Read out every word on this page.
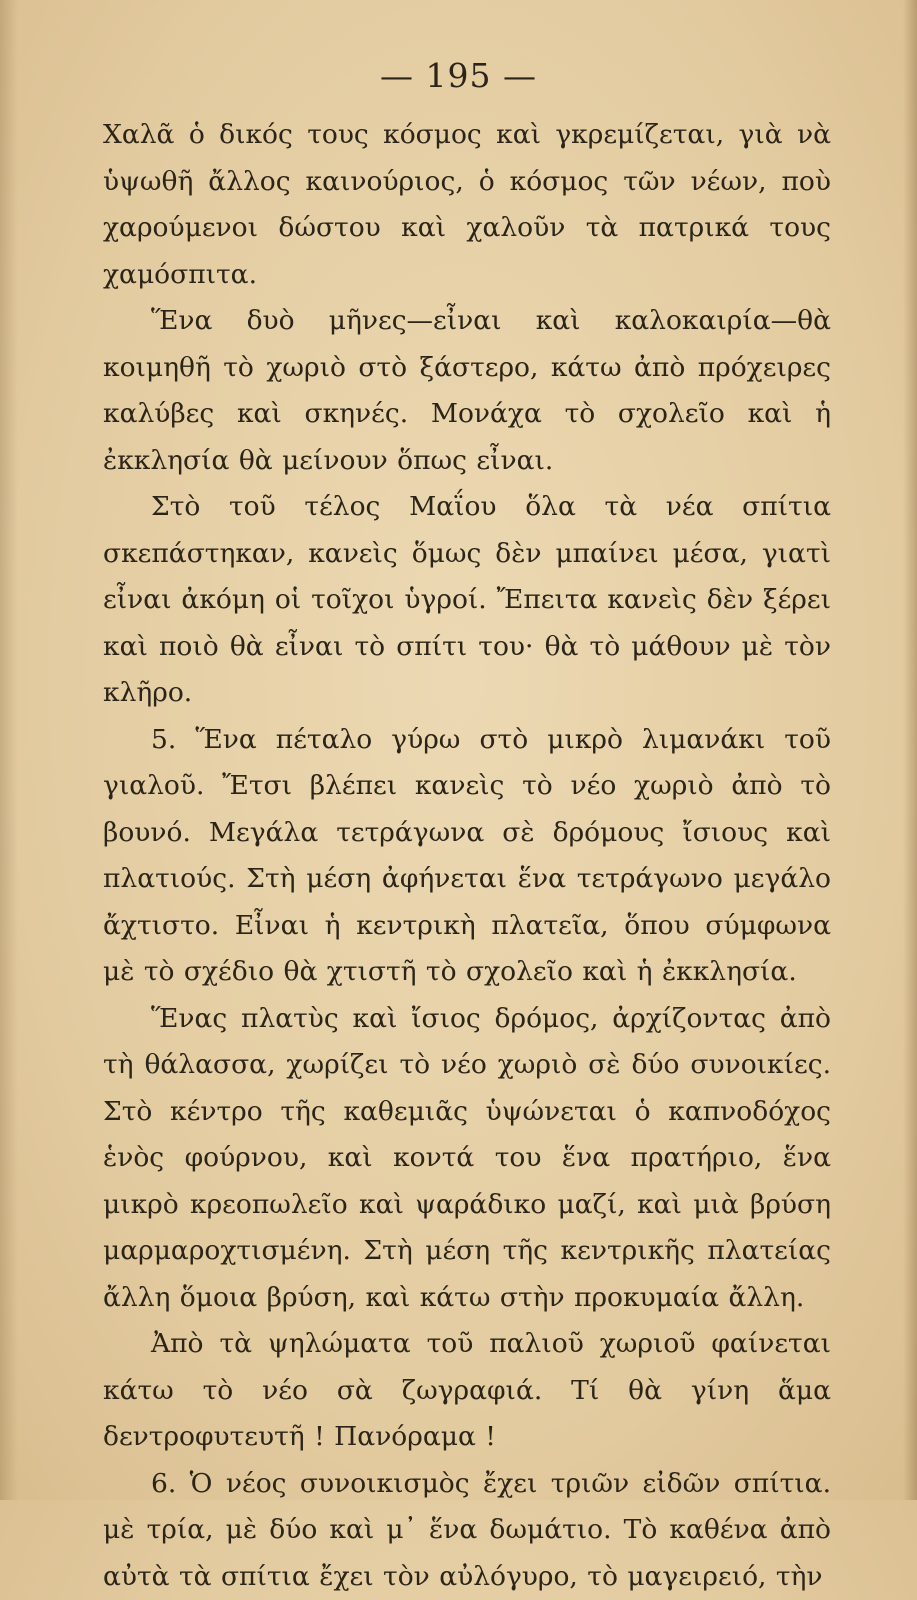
— 195 —

Χαλᾶ ὁ δικός τους κόσμος καὶ γκρεμίζεται, γιὰ νὰ ὑψωθῆ ἄλλος καινούριος, ὁ κόσμος τῶν νέων, ποὺ χαρούμενοι δώστου καὶ χαλοῦν τὰ πατρικά τους χαμόσπιτα.

Ἕνα δυὸ μῆνες—εἶναι καὶ καλοκαιρία—θὰ κοιμηθῆ τὸ χωριὸ στὸ ξάστερο, κάτω ἀπὸ πρόχειρες καλύβες καὶ σκηνές. Μονάχα τὸ σχολεῖο καὶ ἡ ἐκκλησία θὰ μείνουν ὅπως εἶναι.

Στὸ τοῦ τέλος Μαΐου ὅλα τὰ νέα σπίτια σκεπάστηκαν, κανεὶς ὅμως δὲν μπαίνει μέσα, γιατὶ εἶναι ἀκόμη οἱ τοῖχοι ὑγροί. Ἔπειτα κανεὶς δὲν ξέρει καὶ ποιὸ θὰ εἶναι τὸ σπίτι του· θὰ τὸ μάθουν μὲ τὸν κλῆρο.

5. Ἕνα πέταλο γύρω στὸ μικρὸ λιμανάκι τοῦ γιαλοῦ. Ἔτσι βλέπει κανεὶς τὸ νέο χωριὸ ἀπὸ τὸ βουνό. Μεγάλα τετράγωνα σὲ δρόμους ἴσιους καὶ πλατιούς. Στὴ μέση ἀφήνεται ἕνα τετράγωνο μεγάλο ἄχτιστο. Εἶναι ἡ κεντρικὴ πλατεῖα, ὅπου σύμφωνα μὲ τὸ σχέδιο θὰ χτιστῆ τὸ σχολεῖο καὶ ἡ ἐκκλησία.

Ἕνας πλατὺς καὶ ἴσιος δρόμος, ἀρχίζοντας ἀπὸ τὴ θάλασσα, χωρίζει τὸ νέο χωριὸ σὲ δύο συνοικίες. Στὸ κέντρο τῆς καθεμιᾶς ὑψώνεται ὁ καπνοδόχος ἑνὸς φούρνου, καὶ κοντά του ἕνα πρατήριο, ἕνα μικρὸ κρεοπωλεῖο καὶ ψαράδικο μαζί, καὶ μιὰ βρύση μαρμαροχτισμένη. Στὴ μέση τῆς κεντρικῆς πλατείας ἄλλη ὅμοια βρύση, καὶ κάτω στὴν προκυμαία ἄλλη.

Ἀπὸ τὰ ψηλώματα τοῦ παλιοῦ χωριοῦ φαίνεται κάτω τὸ νέο σὰ ζωγραφιά. Τί θὰ γίνη ἅμα δεντροφυτευτῆ ! Πανόραμα !

6. Ὁ νέος συνοικισμὸς ἔχει τριῶν εἰδῶν σπίτια. μὲ τρία, μὲ δύο καὶ μ᾽ ἕνα δωμάτιο. Τὸ καθένα ἀπὸ αὐτὰ τὰ σπίτια ἔχει τὸν αὐλόγυρο, τὸ μαγειρειό, τὴν
